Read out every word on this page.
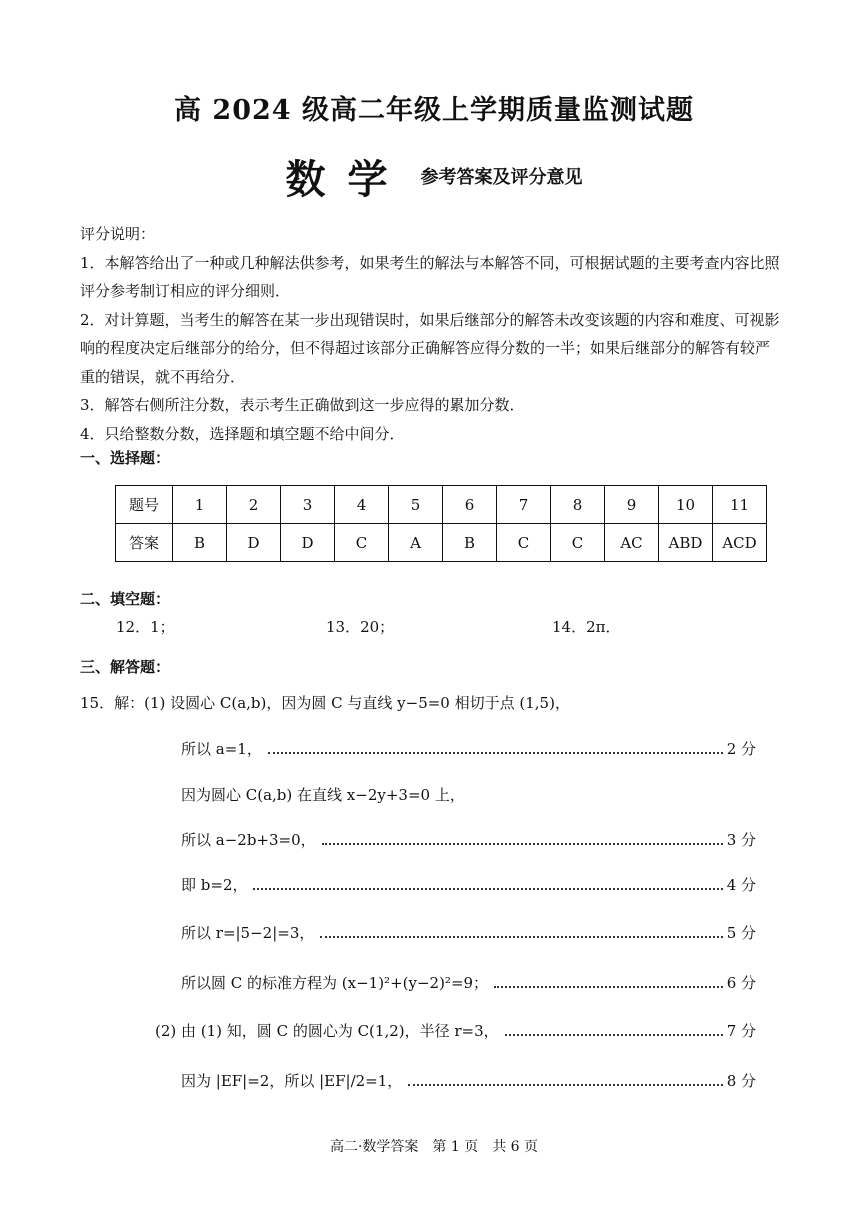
高 2024 级高二年级上学期质量监测试题
数学 参考答案及评分意见

评分说明：

1．本解答给出了一种或几种解法供参考，如果考生的解法与本解答不同，可根据试题的主要考查内容比照评分参考制订相应的评分细则．

2．对计算题，当考生的解答在某一步出现错误时，如果后继部分的解答未改变该题的内容和难度、可视影响的程度决定后继部分的给分，但不得超过该部分正确解答应得分数的一半；如果后继部分的解答有较严重的错误，就不再给分．

3．解答右侧所注分数，表示考生正确做到这一步应得的累加分数．

4．只给整数分数，选择题和填空题不给中间分．

一、选择题：
题号	1	2	3	4	5	6	7	8	9	10	11
答案	B	D	D	C	A	B	C	C	AC	ABD	ACD
二、填空题：
12．1；	13．20；	14．2π．
三、解答题：
15．解：(1) 设圆心 C(a,b)，因为圆 C 与直线 y−5=0 相切于点 (1,5)，
所以 a=1，	2 分
因为圆心 C(a,b) 在直线 x−2y+3=0 上，
所以 a−2b+3=0，	3 分
即 b=2，	4 分
所以 r=|5−2|=3，	5 分
所以圆 C 的标准方程为 (x−1)²+(y−2)²=9；	6 分
(2) 由 (1) 知，圆 C 的圆心为 C(1,2)，半径 r=3，	7 分
因为 |EF|=2，所以 |EF|/2=1，	8 分
高二·数学答案　第 1 页　共 6 页
